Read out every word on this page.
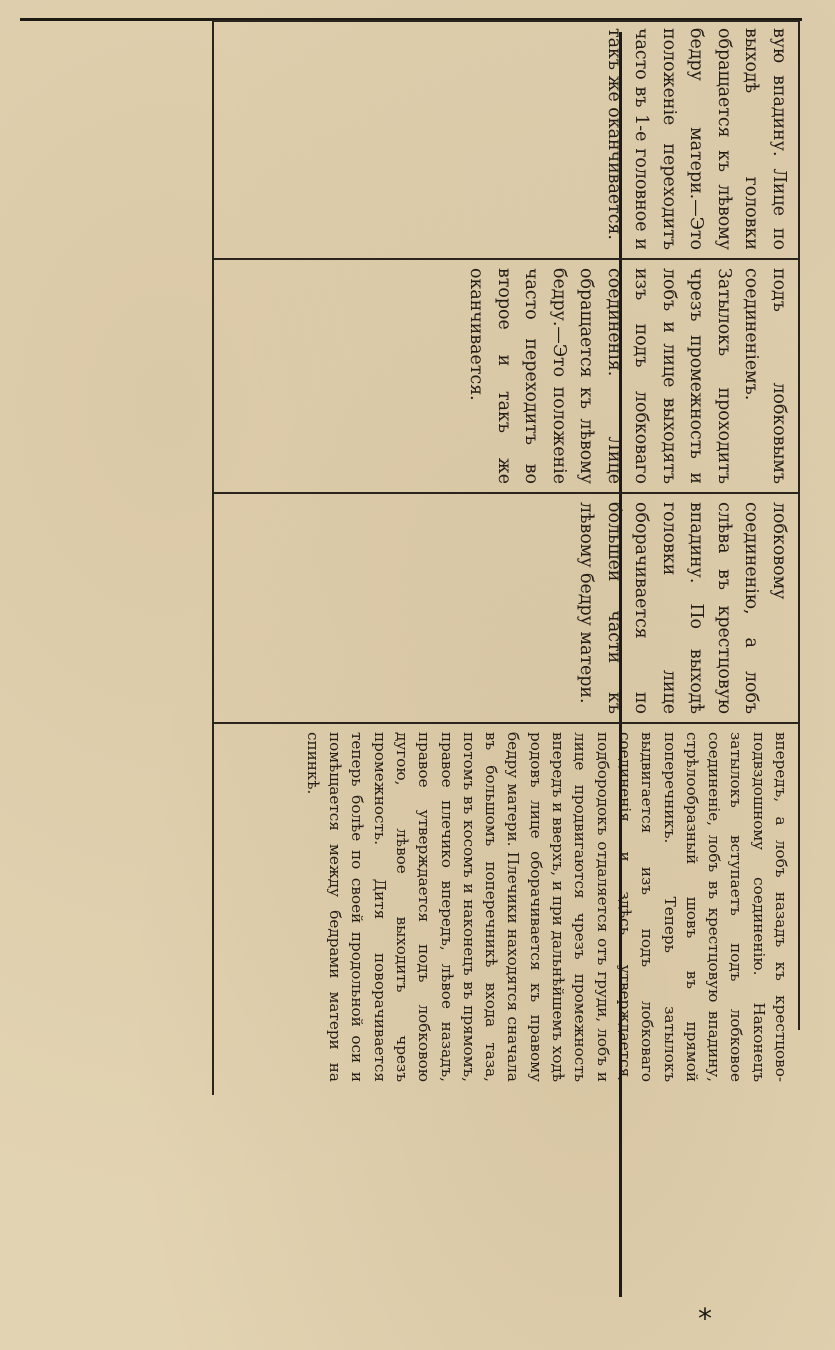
вую впадину. Лице по выходѣ головки обращается къ лѣвому бедру матери.—Это положеніе переходитъ часто въ 1-е головное и такъ же оканчивается.

подъ лобковымъ соединеніемъ. Затылокъ проходитъ чрезъ промежность и лобъ и лице выходятъ изъ подъ лобковаго соединенія. Лице обращается къ лѣвому бедру.—Это положеніе часто переходитъ во второе и такъ же оканчивается.

лобковому соединенію, а лобъ слѣва въ крестцовую впадину. По выходѣ головки лице оборачивается по большей части къ лѣвому бедру матери.

впередъ, а лобъ назадъ къ крестцово-подвздошному соединенію. Наконецъ затылокъ вступаетъ подъ лобковое соединеніе, лобъ въ крестцовую впадину, стрѣлообразный шовъ въ прямой поперечникъ. Теперь затылокъ выдвигается изъ подъ лобковаго соединенія и здѣсь утверждается, подбородокъ отдаляется отъ груди, лобъ и лице продвигаются чрезъ промежность впередъ и вверхъ, и при дальнѣйшемъ ходѣ родовъ лице оборачивается къ правому бедру матери. Плечики находятся сначала въ большомъ поперечникѣ входа таза, потомъ въ косомъ и наконецъ въ прямомъ, правое плечико впередъ, лѣвое назадъ, правое утверждается подъ лобковою дугою, лѣвое выходитъ чрезъ промежность. Дитя поворачивается теперь болѣе по своей продольной оси и помѣщается между бедрами матери на спинкѣ.

*
